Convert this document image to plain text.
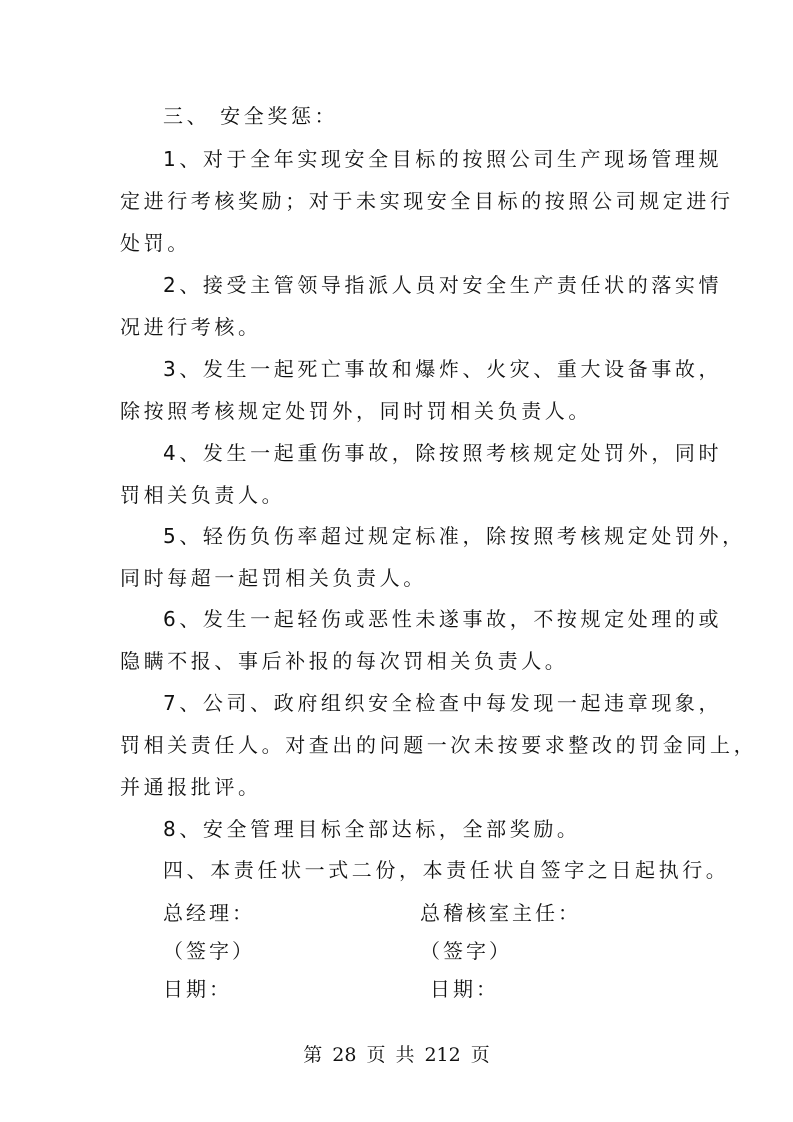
三、 安全奖惩：
1、对于全年实现安全目标的按照公司生产现场管理规
定进行考核奖励；对于未实现安全目标的按照公司规定进行
处罚。
2、接受主管领导指派人员对安全生产责任状的落实情
况进行考核。
3、发生一起死亡事故和爆炸、火灾、重大设备事故，
除按照考核规定处罚外，同时罚相关负责人。
4、发生一起重伤事故，除按照考核规定处罚外，同时
罚相关负责人。
5、轻伤负伤率超过规定标准，除按照考核规定处罚外，
同时每超一起罚相关负责人。
6、发生一起轻伤或恶性未遂事故，不按规定处理的或
隐瞒不报、事后补报的每次罚相关负责人。
7、公司、政府组织安全检查中每发现一起违章现象，
罚相关责任人。对查出的问题一次未按要求整改的罚金同上，
并通报批评。
8、安全管理目标全部达标，全部奖励。
四、本责任状一式二份，本责任状自签字之日起执行。
总经理：	总稽核室主任：
（签字）	（签字）
日期：	日期：
第 28 页 共 212 页
